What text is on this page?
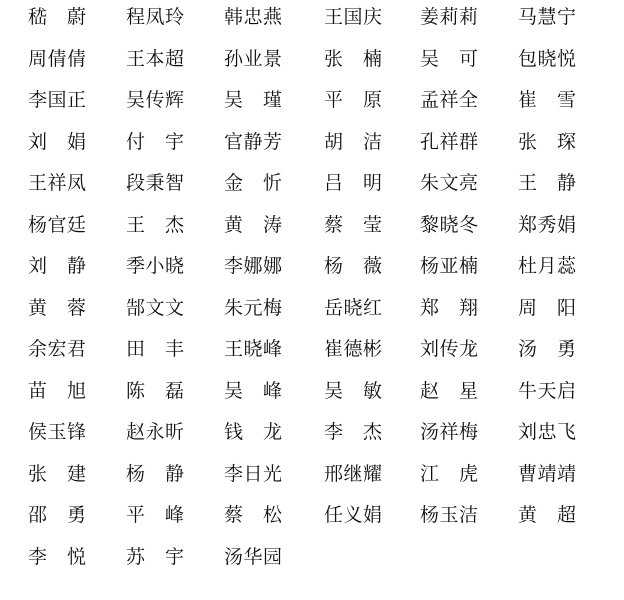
嵇　蔚 程凤玲 韩忠燕 王国庆 姜莉莉 马慧宁
周倩倩 王本超 孙业景 张　楠 吴　可 包晓悦
李国正 吴传辉 吴　瑾 平　原 孟祥全 崔　雪
刘　娟 付　宇 官静芳 胡　洁 孔祥群 张　琛
王祥凤 段秉智 金　忻 吕　明 朱文亮 王　静
杨官廷 王　杰 黄　涛 蔡　莹 黎晓冬 郑秀娟
刘　静 季小晓 李娜娜 杨　薇 杨亚楠 杜月蕊
黄　蓉 郜文文 朱元梅 岳晓红 郑　翔 周　阳
余宏君 田　丰 王晓峰 崔德彬 刘传龙 汤　勇
苗　旭 陈　磊 吴　峰 吴　敏 赵　星 牛天启
侯玉锋 赵永昕 钱　龙 李　杰 汤祥梅 刘忠飞
张　建 杨　静 李日光 邢继耀 江　虎 曹靖靖
邵　勇 平　峰 蔡　松 任义娟 杨玉洁 黄　超
李　悦 苏　宇 汤华园
